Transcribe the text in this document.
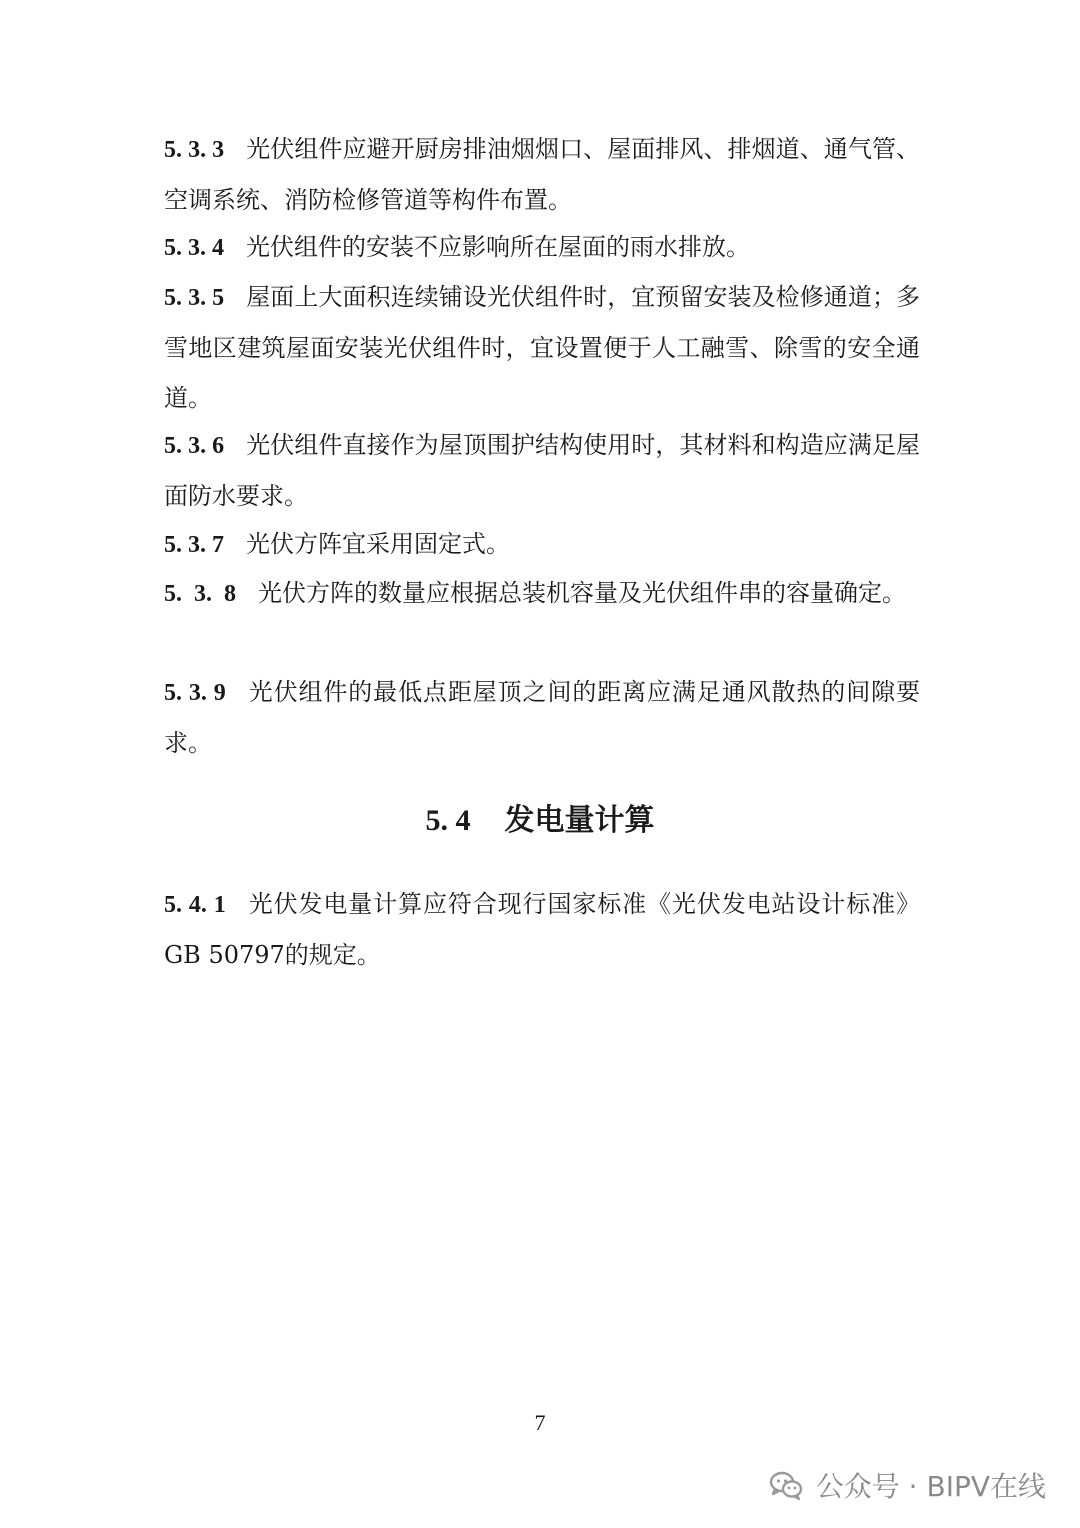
5. 3. 3 光伏组件应避开厨房排油烟烟口、屋面排风、排烟道、通气管、空调系统、消防检修管道等构件布置。
5. 3. 4 光伏组件的安装不应影响所在屋面的雨水排放。
5. 3. 5 屋面上大面积连续铺设光伏组件时，宜预留安装及检修通道；多雪地区建筑屋面安装光伏组件时，宜设置便于人工融雪、除雪的安全通道。
5. 3. 6 光伏组件直接作为屋顶围护结构使用时，其材料和构造应满足屋面防水要求。
5. 3. 7 光伏方阵宜采用固定式。
5.  3.  8 光伏方阵的数量应根据总装机容量及光伏组件串的容量确定。
5. 3. 9 光伏组件的最低点距屋顶之间的距离应满足通风散热的间隙要求。
5. 4 发电量计算
5. 4. 1 光伏发电量计算应符合现行国家标准《光伏发电站设计标准》GB 50797的规定。
7
公众号 · BIPV在线
